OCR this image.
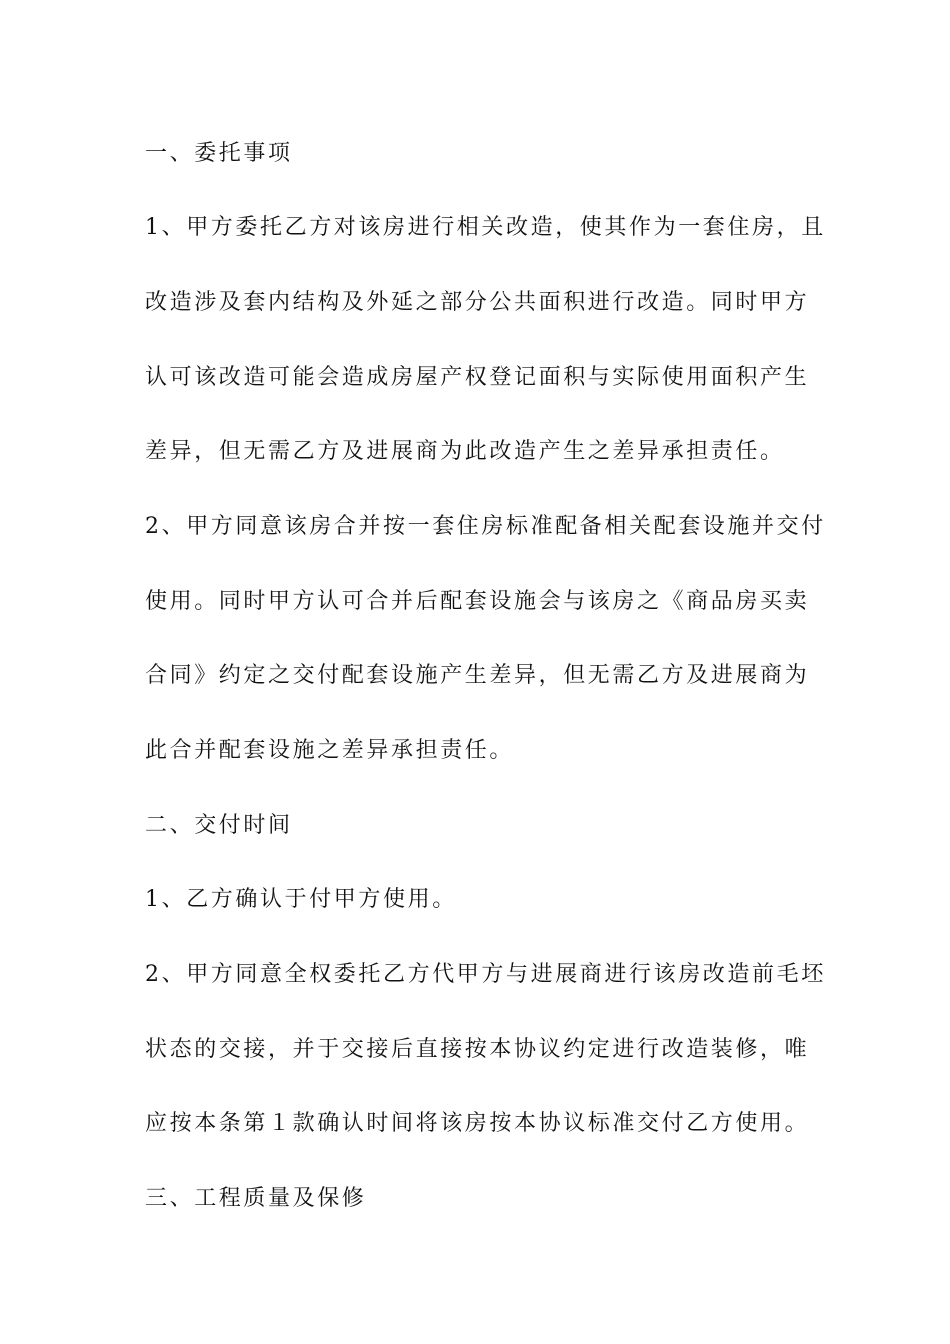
一、委托事项
1、甲方委托乙方对该房进行相关改造，使其作为一套住房，且
改造涉及套内结构及外延之部分公共面积进行改造。同时甲方
认可该改造可能会造成房屋产权登记面积与实际使用面积产生
差异，但无需乙方及进展商为此改造产生之差异承担责任。
2、甲方同意该房合并按一套住房标准配备相关配套设施并交付
使用。同时甲方认可合并后配套设施会与该房之《商品房买卖
合同》约定之交付配套设施产生差异，但无需乙方及进展商为
此合并配套设施之差异承担责任。
二、交付时间
1、乙方确认于付甲方使用。
2、甲方同意全权委托乙方代甲方与进展商进行该房改造前毛坯
状态的交接，并于交接后直接按本协议约定进行改造装修，唯
应按本条第１款确认时间将该房按本协议标准交付乙方使用。
三、工程质量及保修
